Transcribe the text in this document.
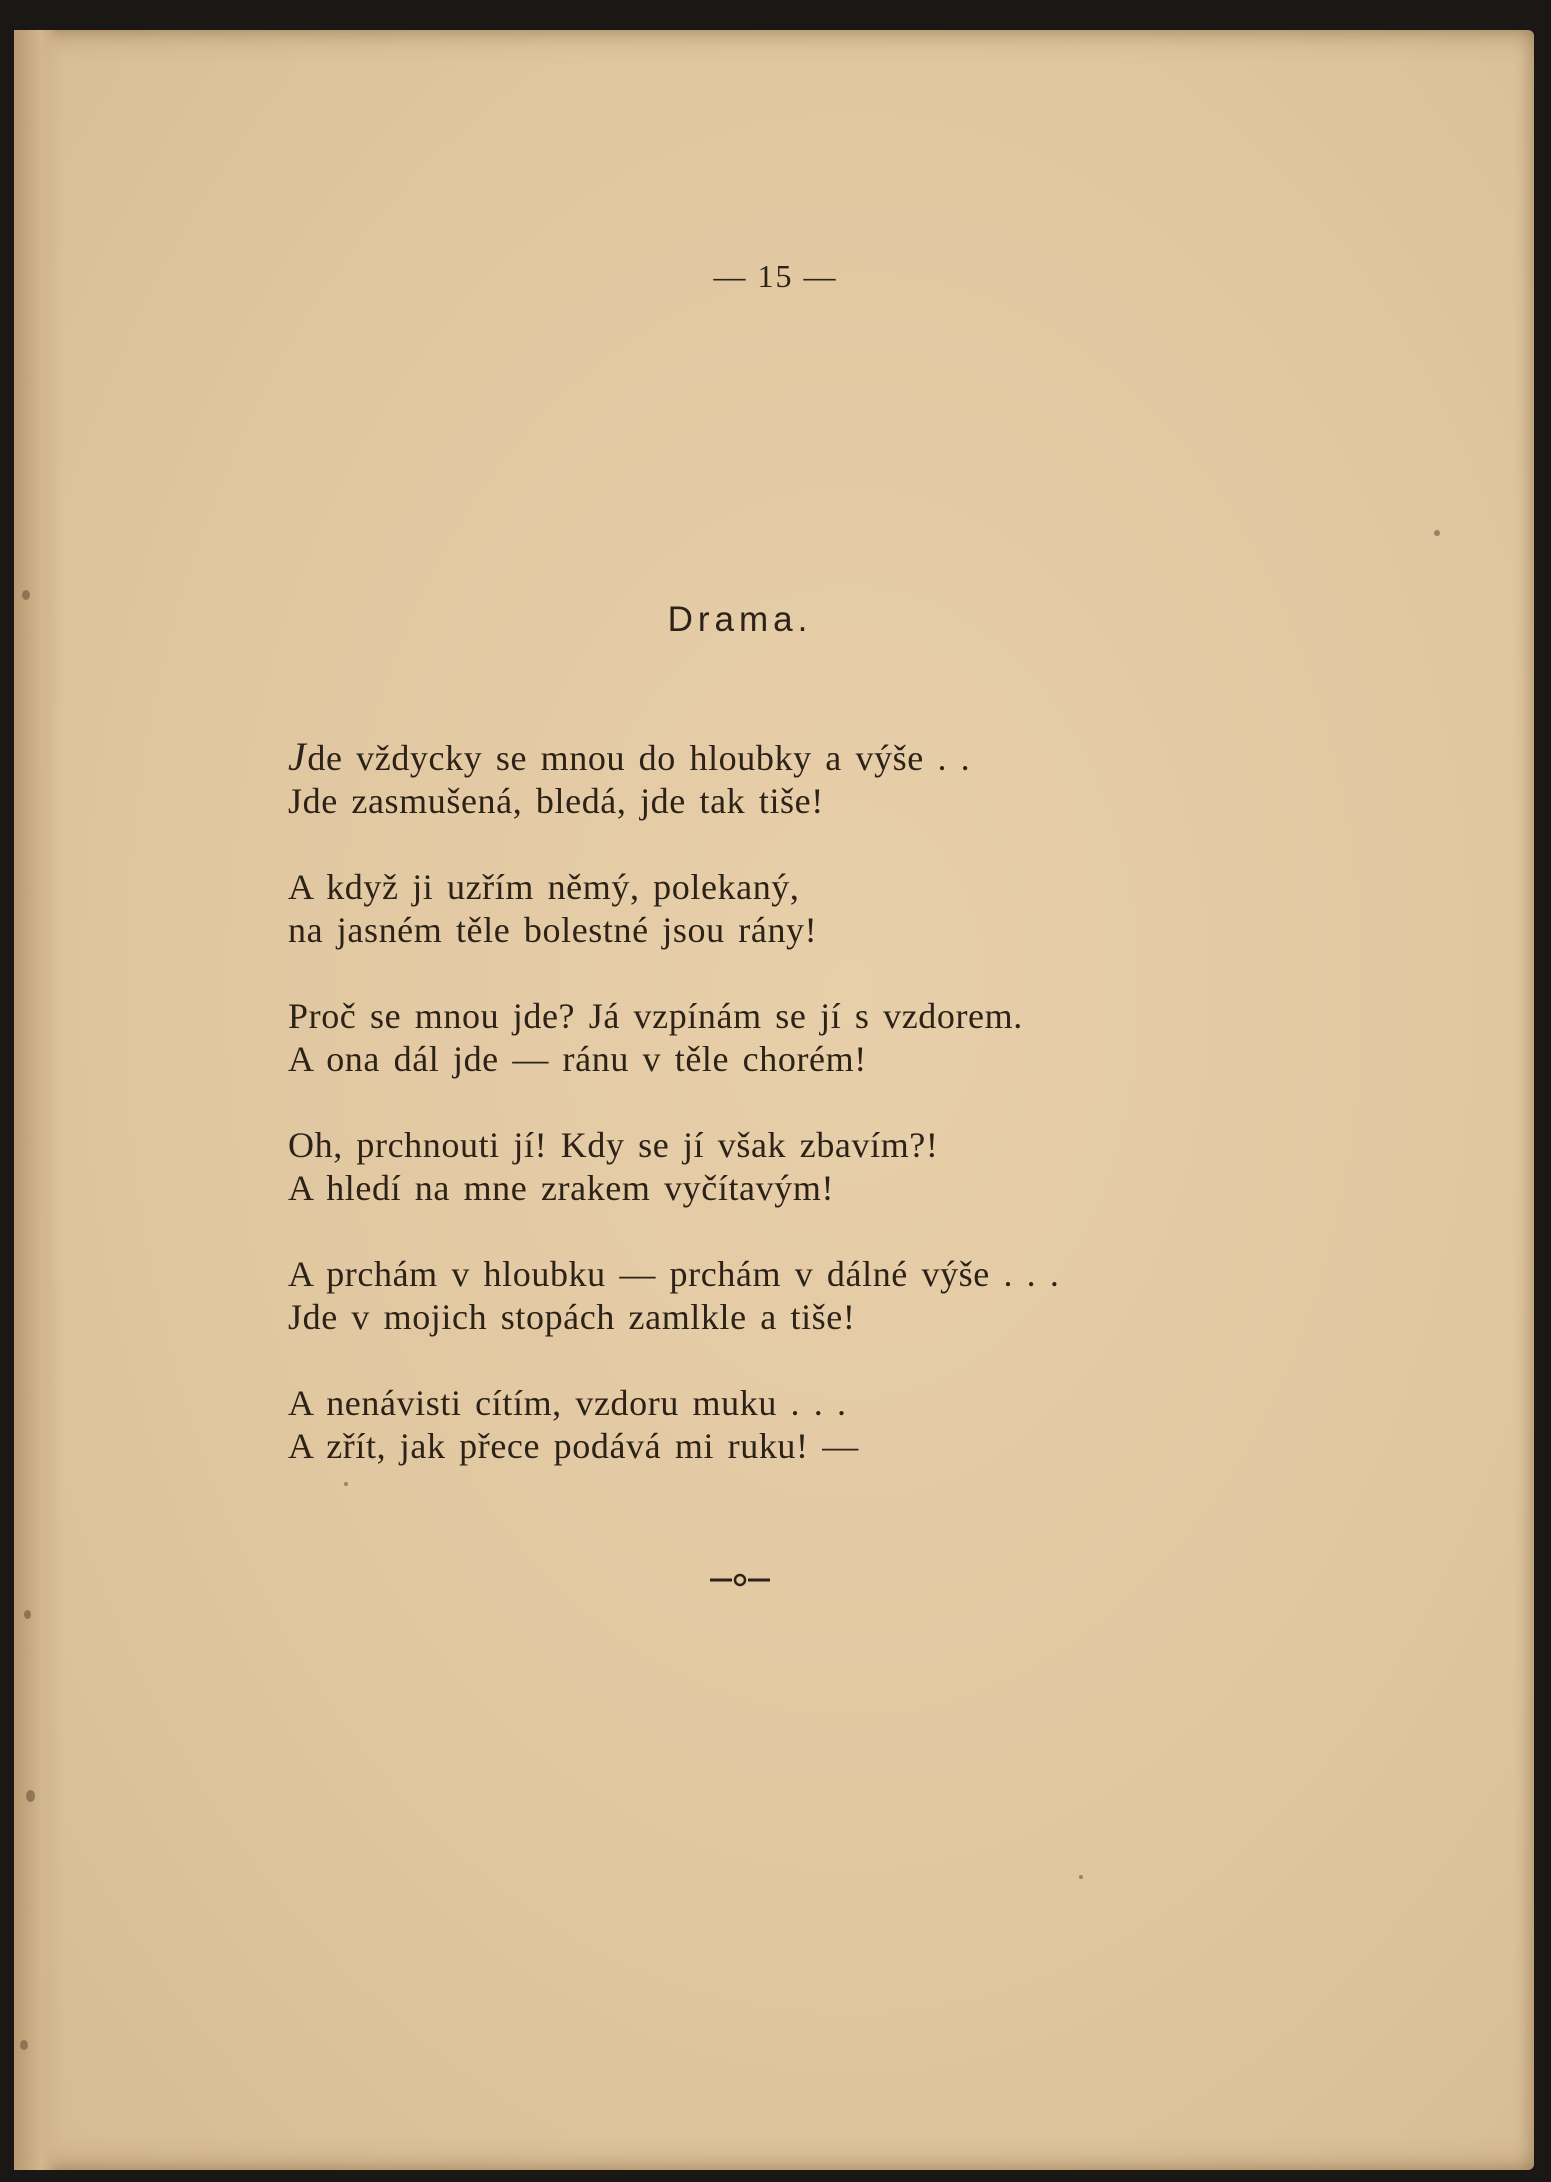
— 15 —
Drama.
Jde vždycky se mnou do hloubky a výše . .
Jde zasmušená, bledá, jde tak tiše!
A když ji uzřím němý, polekaný,
na jasném těle bolestné jsou rány!
Proč se mnou jde? Já vzpínám se jí s vzdorem.
A ona dál jde — ránu v těle chorém!
Oh, prchnouti jí! Kdy se jí však zbavím?!
A hledí na mne zrakem vyčítavým!
A prchám v hloubku — prchám v dálné výše . . .
Jde v mojich stopách zamlkle a tiše!
A nenávisti cítím, vzdoru muku . . .
A zřít, jak přece podává mi ruku! —
